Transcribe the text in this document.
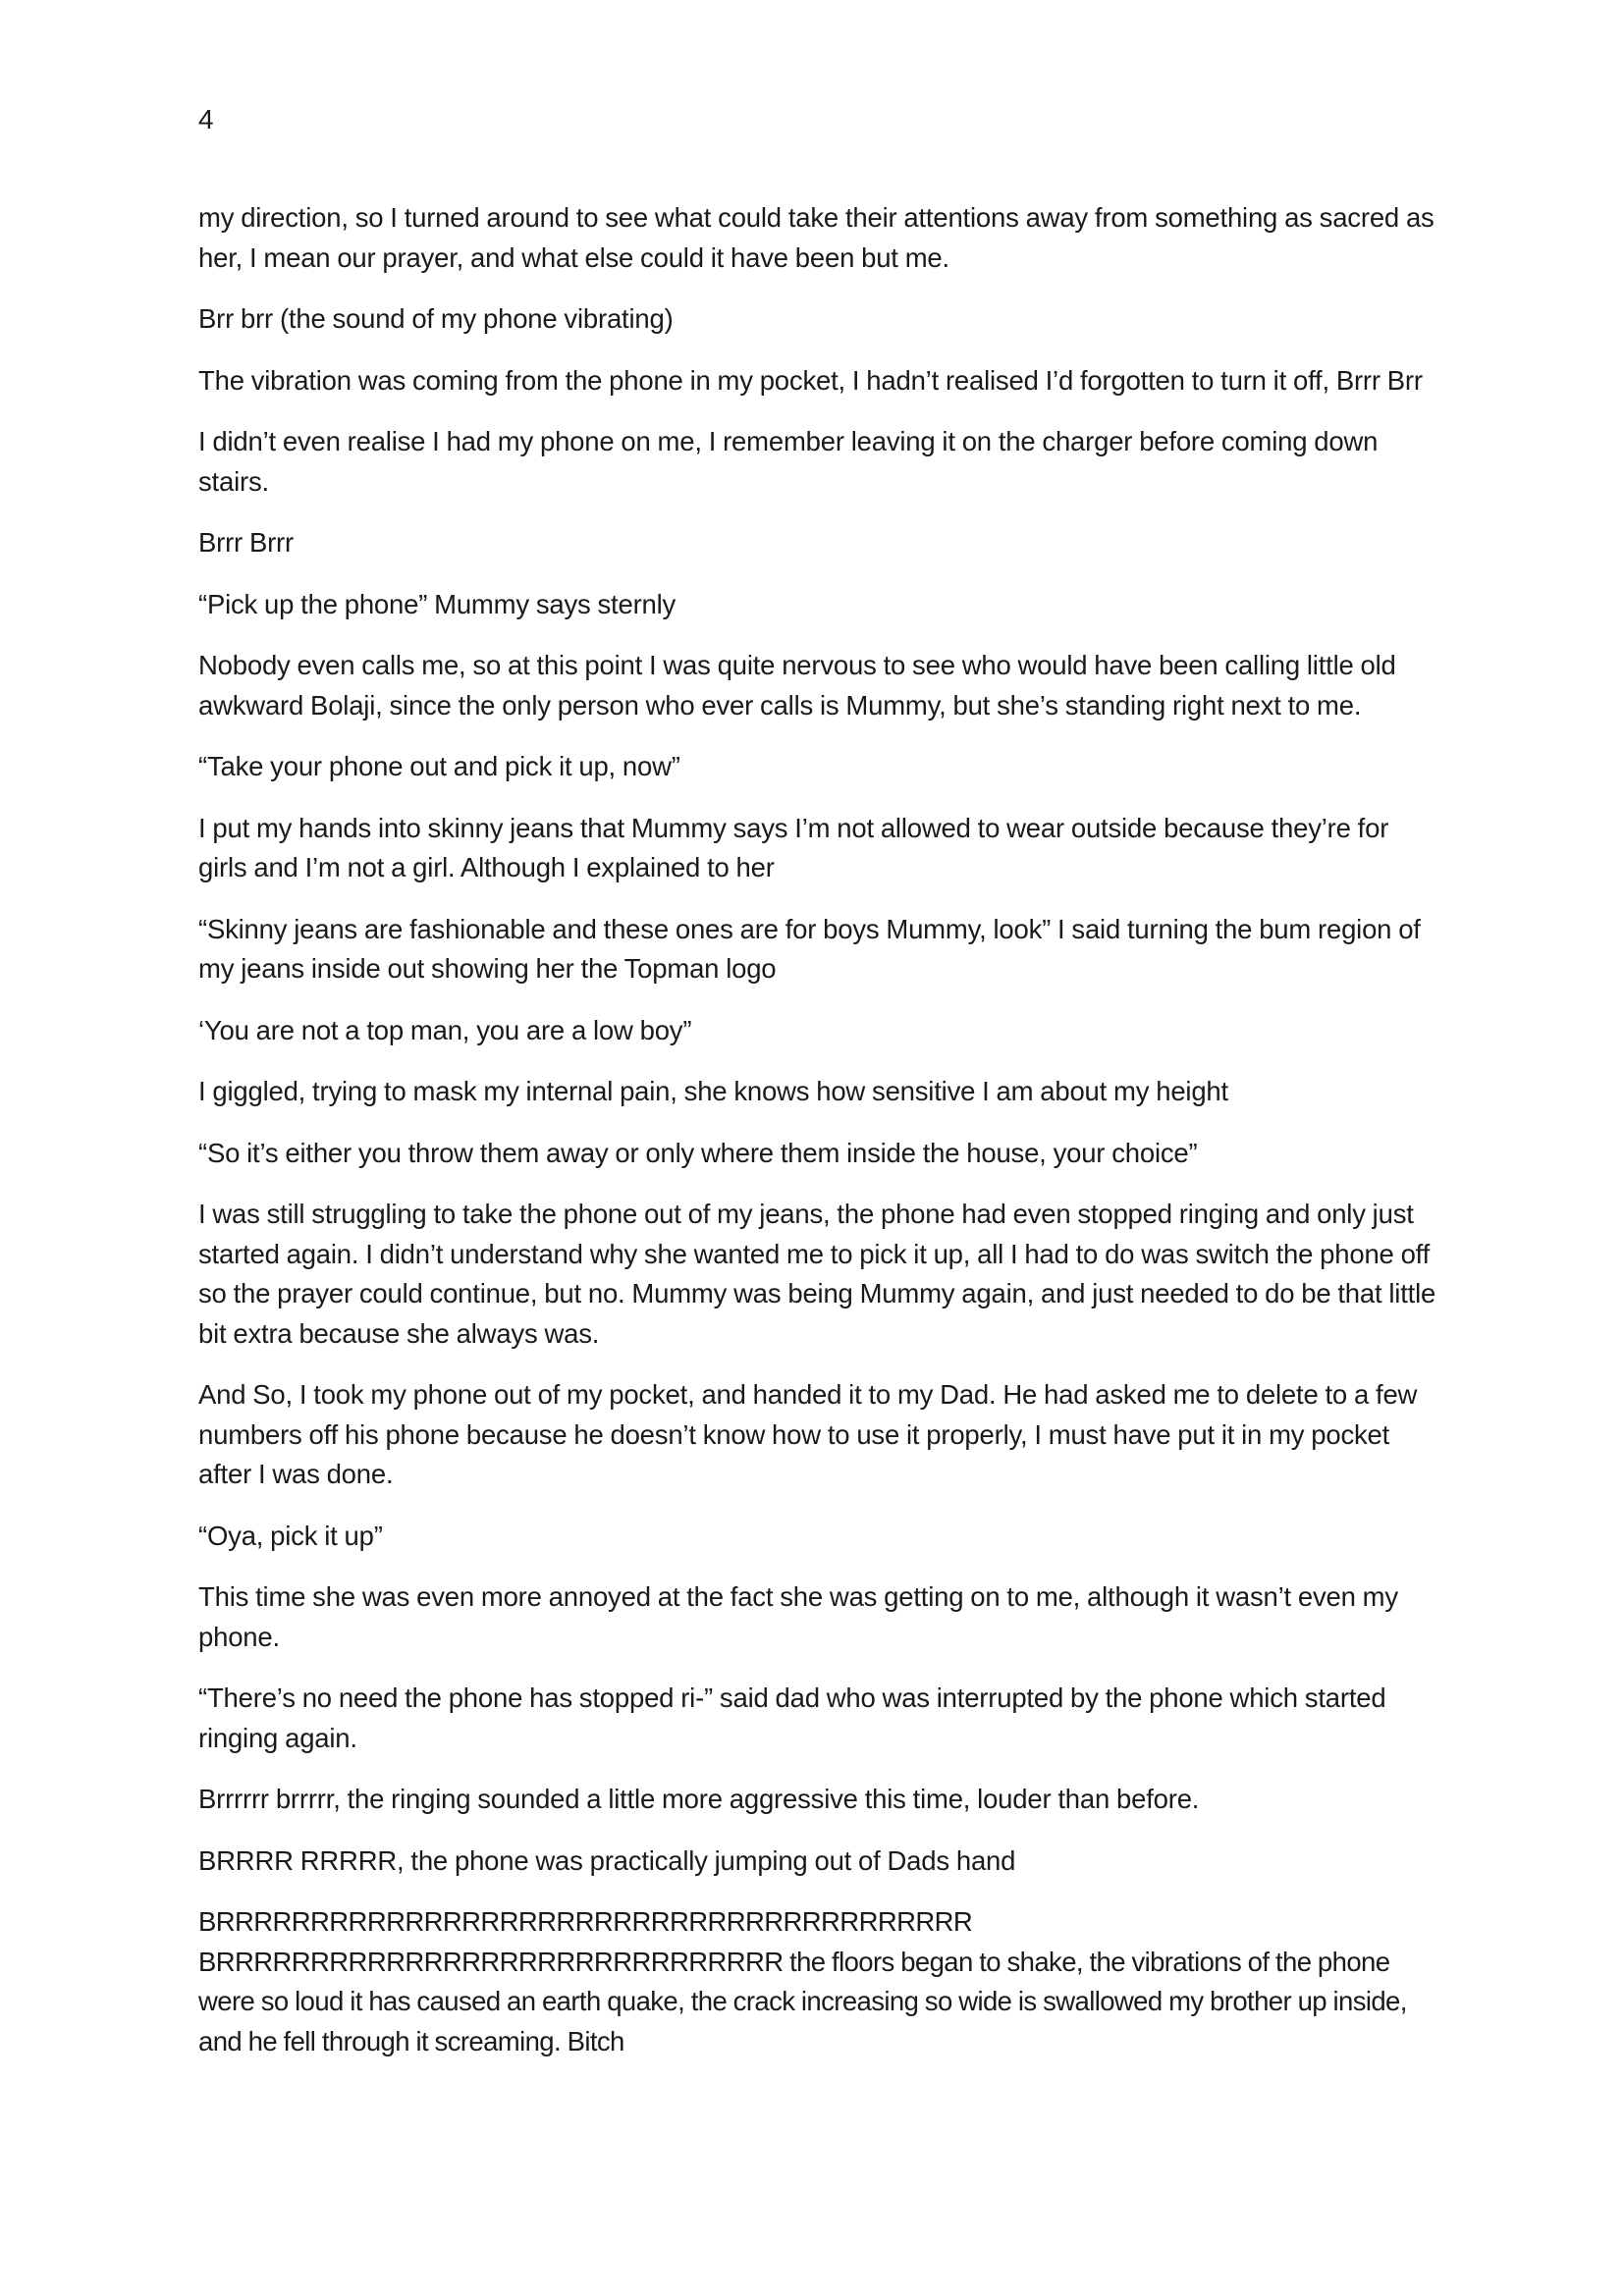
4

my direction, so I turned around to see what could take their attentions away from something as sacred as her, I mean our prayer, and what else could it have been but me.

Brr brr (the sound of my phone vibrating)

The vibration was coming from the phone in my pocket, I hadn’t realised I’d forgotten to turn it off, Brrr Brr

I didn’t even realise I had my phone on me, I remember leaving it on the charger before coming down stairs.

Brrr Brrr

“Pick up the phone” Mummy says sternly

Nobody even calls me, so at this point I was quite nervous to see who would have been calling little old awkward Bolaji, since the only person who ever calls is Mummy, but she’s standing right next to me.

“Take your phone out and pick it up, now”

I put my hands into skinny jeans that Mummy says I’m not allowed to wear outside because they’re for girls and I’m not a girl. Although I explained to her

“Skinny jeans are fashionable and these ones are for boys Mummy, look” I said turning the bum region of my jeans inside out showing her the Topman logo

‘You are not a top man, you are a low boy”

I giggled, trying to mask my internal pain, she knows how sensitive I am about my height

“So it’s either you throw them away or only where them inside the house, your choice”

I was still struggling to take the phone out of my jeans, the phone had even stopped ringing and only just started again. I didn’t understand why she wanted me to pick it up, all I had to do was switch the phone off so the prayer could continue, but no. Mummy was being Mummy again, and just needed to do be that little bit extra because she always was.

And So, I took my phone out of my pocket, and handed it to my Dad. He had asked me to delete to a few numbers off his phone because he doesn’t know how to use it properly, I must have put it in my pocket after I was done.

“Oya, pick it up”

This time she was even more annoyed at the fact she was getting on to me, although it wasn’t even my phone.

“There’s no need the phone has stopped ri-” said dad who was interrupted by the phone which started ringing again.

Brrrrrr brrrrr, the ringing sounded a little more aggressive this time, louder than before.

BRRRR RRRRR, the phone was practically jumping out of Dads hand

BRRRRRRRRRRRRRRRRRRRRRRRRRRRRRRRRRRRRRRRR BRRRRRRRRRRRRRRRRRRRRRRRRRRRRRR the floors began to shake, the vibrations of the phone were so loud it has caused an earth quake, the crack increasing so wide is swallowed my brother up inside, and he fell through it screaming. Bitch
